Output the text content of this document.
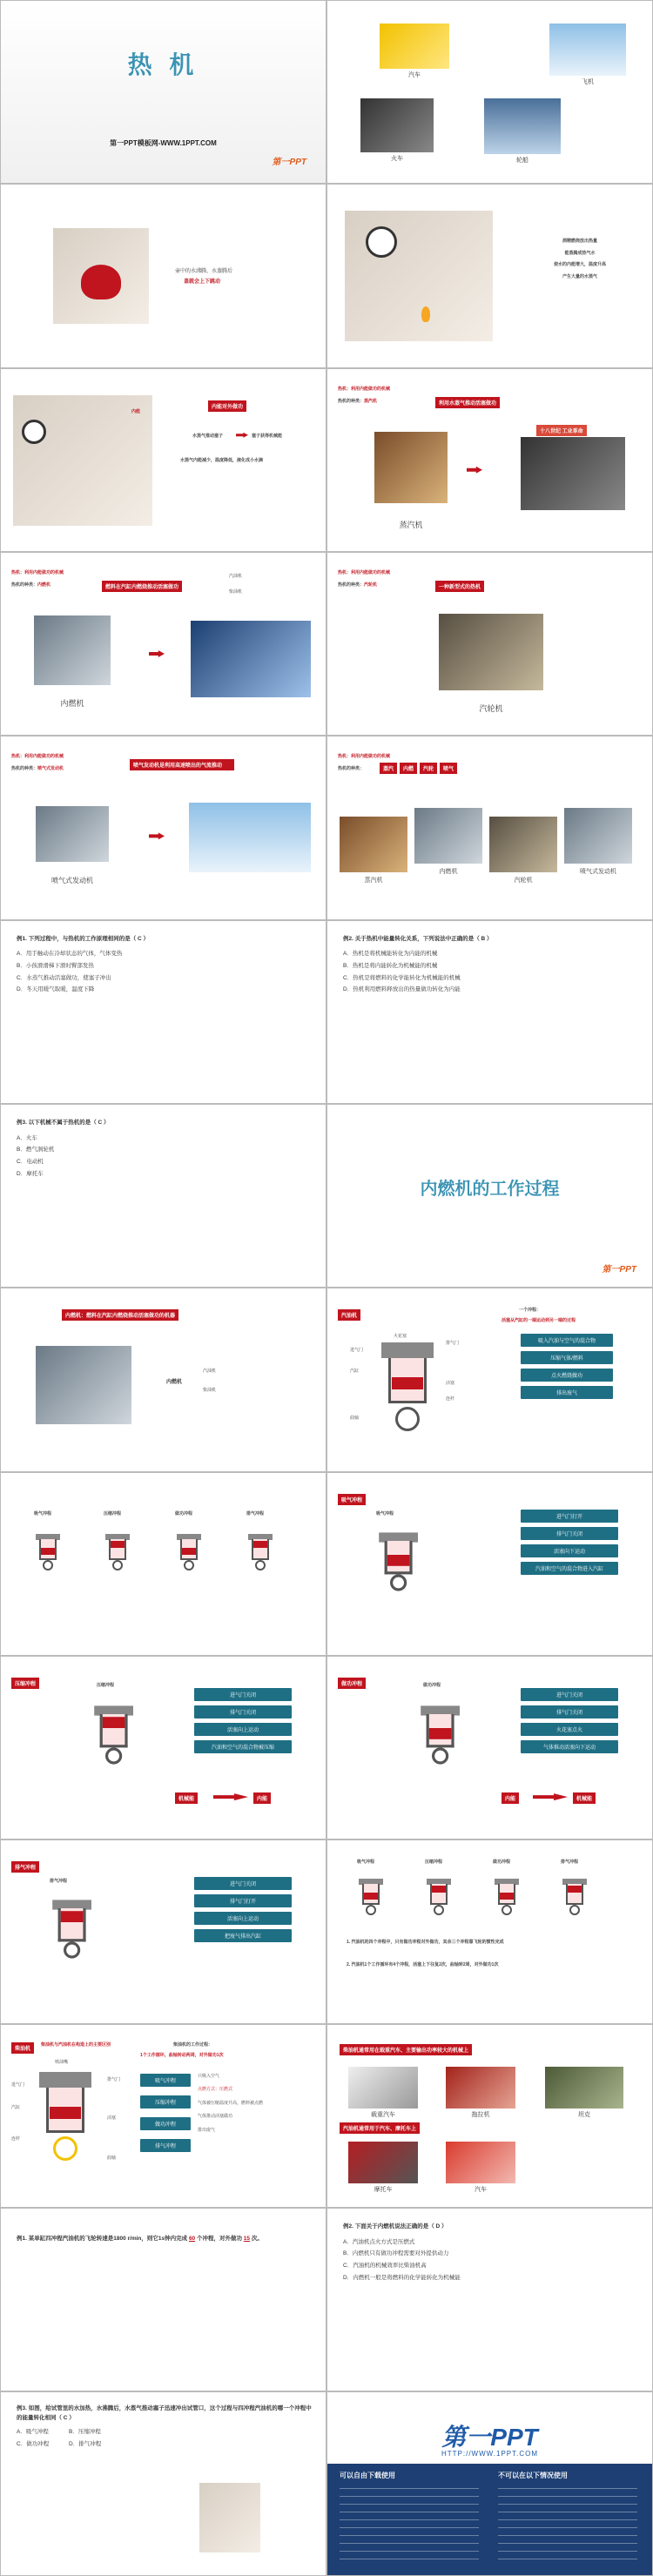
热 机
第一PPT模板网-WWW.1PPT.COM
第一PPT
汽车
飞机
火车	轮船
壶中的水沸腾，水蒸腾后
盖就会上下跳动
酒精燃烧放出热量
能蒸腾成热气水
使水的内能增大，温度升高
产生大量的水蒸气
内能
内能对外做功
水蒸气推动塞子	塞子获得机械能
水蒸气内能减少，温度降低，液化成小水滴
热机：利用内能做功的机械
热机的种类：蒸汽机	利用水蒸气推动活塞做功
蒸汽机
十八世纪 工业革命
热机：利用内能做功的机械
热机的种类：内燃机	燃料在汽缸内燃烧推动活塞做功
汽油机
柴油机
内燃机
热机：利用内能做功的机械
热机的种类：汽轮机	一种新型式的热机
汽轮机
热机：利用内能做功的机械
热机的种类：喷气式发动机	喷气发动机是利用高速喷出的气流推动
喷气式发动机
热机：利用内能做功的机械
热机的种类：	蒸汽	内燃	汽轮	喷气
蒸汽机
内燃机
汽轮机
喷气式发动机

例1. 下列过程中，与热机的工作原理相同的是（ C ）

A．用手触动在冷却状态的气体，气体变热

B．小孩滑滑梯下滑时臀部发热

C．水蒸气推动活塞做功，使塞子冲出

D．冬天用暖气取暖，温度下降

例2. 关于热机中能量转化关系，下列说法中正确的是（ B ）

A．热机是将机械能转化为内能的机械

B．热机是将内能转化为机械能的机械

C．热机是将燃料的化学能转化为机械能的机械

D．热机利用燃料释放出的热量做功转化为内能

例3. 以下机械不属于热机的是（ C ）

A．火车

B．燃气涡轮机

C．电动机

D．摩托车

内燃机的工作过程
第一PPT
内燃机：燃料在汽缸内燃烧推动活塞做功的机器
内燃机
汽油机
柴油机
汽油机
进气门
火花塞
排气门
汽缸
活塞
连杆
曲轴
一个冲程：
活塞从汽缸的一端运动到另一端的过程
吸入汽油与空气的混合物
压缩气体/燃料
点火燃烧做功
排出废气
吸气冲程	压缩冲程	做功冲程	排气冲程
吸气冲程
吸气冲程
进气门打开
排气门关闭
活塞向下运动
汽油和空气的混合物进入汽缸
压缩冲程	压缩冲程
进气门关闭
排气门关闭
活塞向上运动
汽油和空气的混合物被压缩
机械能	内能
做功冲程	做功冲程
进气门关闭
排气门关闭
火花塞点火
气体推动活塞向下运动
内能	机械能
排气冲程
排气冲程
进气门关闭
排气门打开
活塞向上运动
把废气排出汽缸
吸气冲程	压缩冲程	做功冲程	排气冲程
1. 汽油机的四个冲程中，只有做功冲程对外做功，其余三个冲程靠飞轮的惯性完成
2. 汽油机1个工作循环有4个冲程，活塞上下往复2次，曲轴转2周，对外做功1次
柴油机
柴油机与汽油机在构造上的主要区别
进气门
喷油嘴
排气门
汽缸
活塞
连杆
曲轴
柴油机的工作过程：
1个工作循环，曲轴转动两周，对外做功1次
吸气冲程
压缩冲程
做功冲程
排气冲程
只吸入空气
点燃方式：压燃式
气体被压缩温度升高，燃料被点燃
气体推动活塞做功
排出废气
柴油机通常用在载重汽车、主要输出功率较大的机械上
载重汽车	拖拉机	坦克
汽油机通常用于汽车、摩托车上
摩托车	汽车

例1. 某单缸四冲程汽油机的飞轮转速是1800 r/min，则它1s钟内完成 60 个冲程，对外做功 15 次。

例2. 下面关于内燃机说法正确的是（ D ）

A．汽油机点火方式是压燃式

B．内燃机只有做功冲程需要对外提供动力

C．汽油机的机械效率比柴油机高

D．内燃机一般是将燃料的化学能转化为机械能

例3. 如图，给试管里的水加热，水沸腾后，水蒸气推动塞子迅速冲出试管口，这个过程与四冲程汽油机的哪一个冲程中的能量转化相同（ C ）

A．吸气冲程	B．压缩冲程

C．做功冲程	D．排气冲程	第一PPT
HTTP://WWW.1PPT.COM
可以自由下载使用	不可以在以下情况使用
